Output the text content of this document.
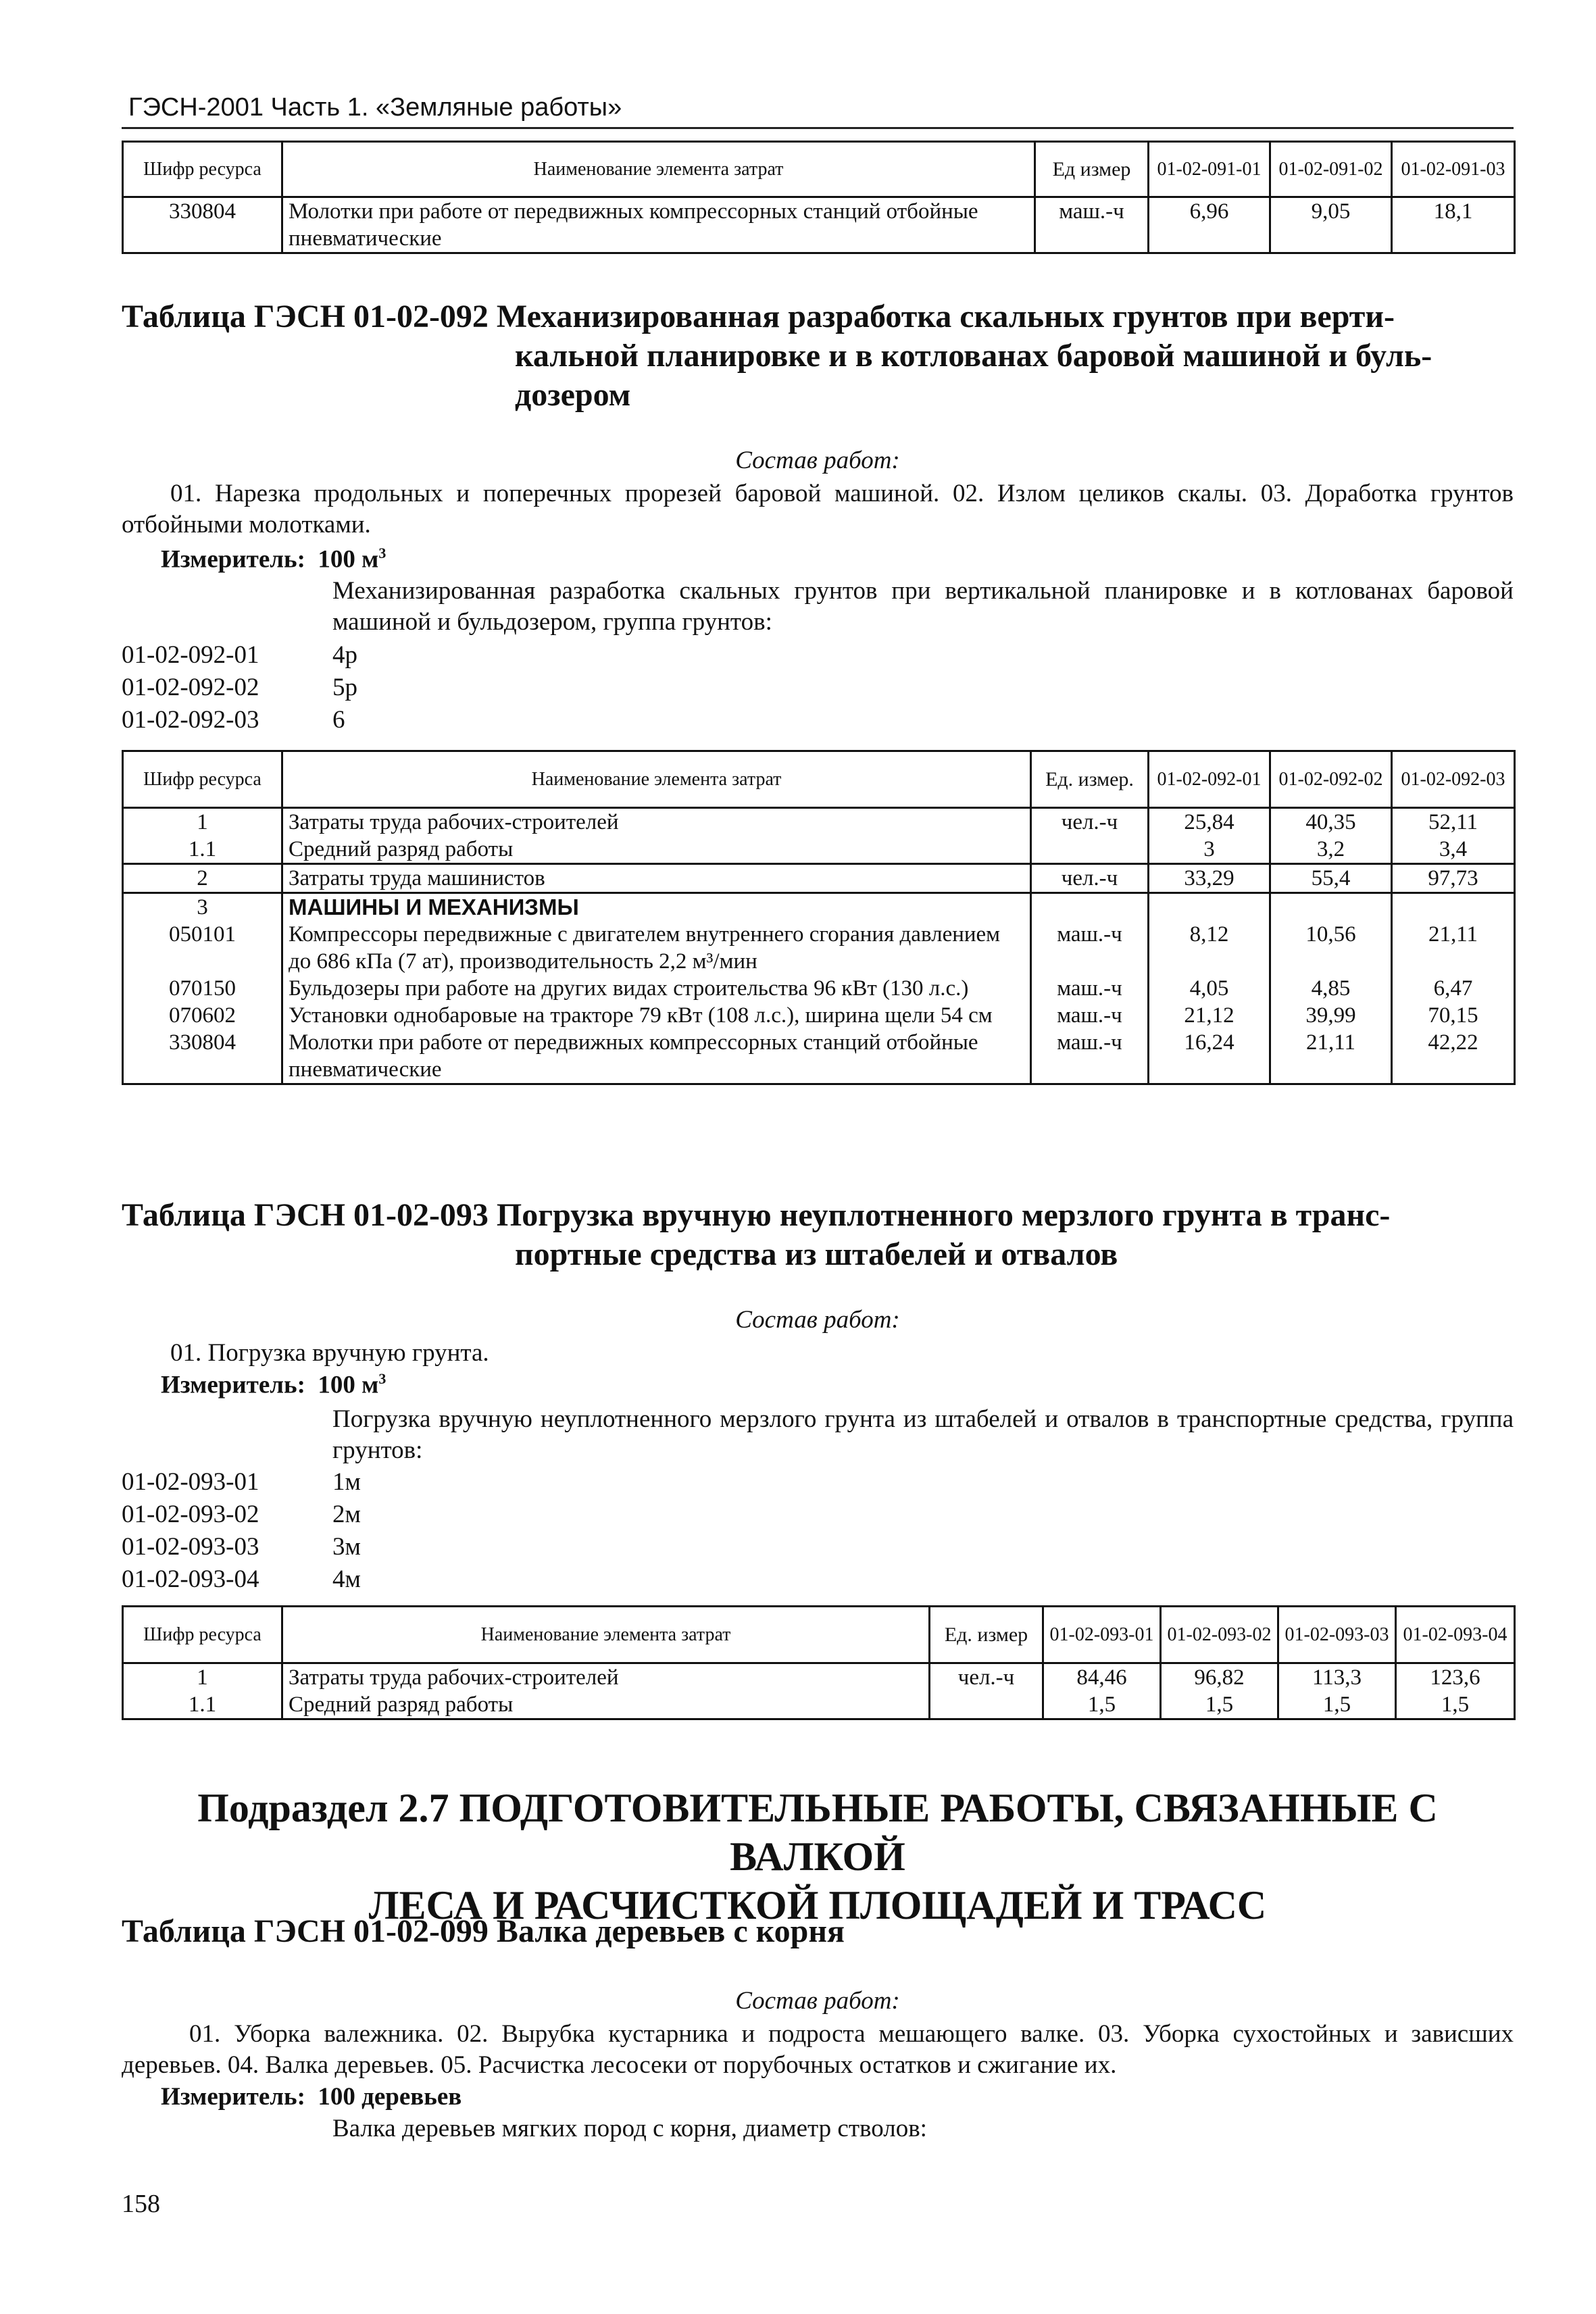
ГЭСН-2001 Часть 1. «Земляные работы»
Шифр ресурса	Наименование элемента затрат	Ед измер	01-02-091-01	01-02-091-02	01-02-091-03
330804	Молотки при работе от передвижных компрессорных станций отбойные пневматические	маш.-ч	6,96	9,05	18,1
Таблица ГЭСН 01-02-092 Механизированная разработка скальных грунтов при верти-
кальной планировке и в котлованах баровой машиной и буль-
дозером
Состав работ:
01. Нарезка продольных и поперечных прорезей баровой машиной. 02. Излом целиков скалы. 03. Доработка грунтов отбойными молотками.
Измеритель: 100 $м^3$
Механизированная разработка скальных грунтов при вертикальной планировке и в котлованах баровой машиной и бульдозером, группа грунтов:
01-02-092-01	4р
01-02-092-02	5р
01-02-092-03	6
Шифр ресурса	Наименование элемента затрат	Ед. измер.	01-02-092-01	01-02-092-02	01-02-092-03
1	Затраты труда рабочих-строителей	чел.-ч	25,84	40,35	52,11
1.1	Средний разряд работы		3	3,2	3,4
2	Затраты труда машинистов	чел.-ч	33,29	55,4	97,73
3	МАШИНЫ И МЕХАНИЗМЫ				
050101	Компрессоры передвижные с двигателем внутреннего сгорания давлением до 686 кПа (7 ат), производительность 2,2 м³/мин	маш.-ч	8,12	10,56	21,11
070150	Бульдозеры при работе на других видах строительства 96 кВт (130 л.с.)	маш.-ч	4,05	4,85	6,47
070602	Установки однобаровые на тракторе 79 кВт (108 л.с.), ширина щели 54 см	маш.-ч	21,12	39,99	70,15
330804	Молотки при работе от передвижных компрессорных станций отбойные пневматические	маш.-ч	16,24	21,11	42,22
Таблица ГЭСН 01-02-093 Погрузка вручную неуплотненного мерзлого грунта в транс-
портные средства из штабелей и отвалов
Состав работ:
01. Погрузка вручную грунта.
Измеритель: 100 $м^3$
Погрузка вручную неуплотненного мерзлого грунта из штабелей и отвалов в транспортные средства, группа грунтов:
01-02-093-01	1м
01-02-093-02	2м
01-02-093-03	3м
01-02-093-04	4м
Шифр ресурса	Наименование элемента затрат	Ед. измер	01-02-093-01	01-02-093-02	01-02-093-03	01-02-093-04
1	Затраты труда рабочих-строителей	чел.-ч	84,46	96,82	113,3	123,6
1.1	Средний разряд работы		1,5	1,5	1,5	1,5
Подраздел 2.7 ПОДГОТОВИТЕЛЬНЫЕ РАБОТЫ, СВЯЗАННЫЕ С ВАЛКОЙ
ЛЕСА И РАСЧИСТКОЙ ПЛОЩАДЕЙ И ТРАСС
Таблица ГЭСН 01-02-099 Валка деревьев с корня
Состав работ:
01. Уборка валежника. 02. Вырубка кустарника и подроста мешающего валке. 03. Уборка сухостойных и зависших деревьев. 04. Валка деревьев. 05. Расчистка лесосеки от порубочных остатков и сжигание их.
Измеритель: 100 деревьев
Валка деревьев мягких пород с корня, диаметр стволов:
158
